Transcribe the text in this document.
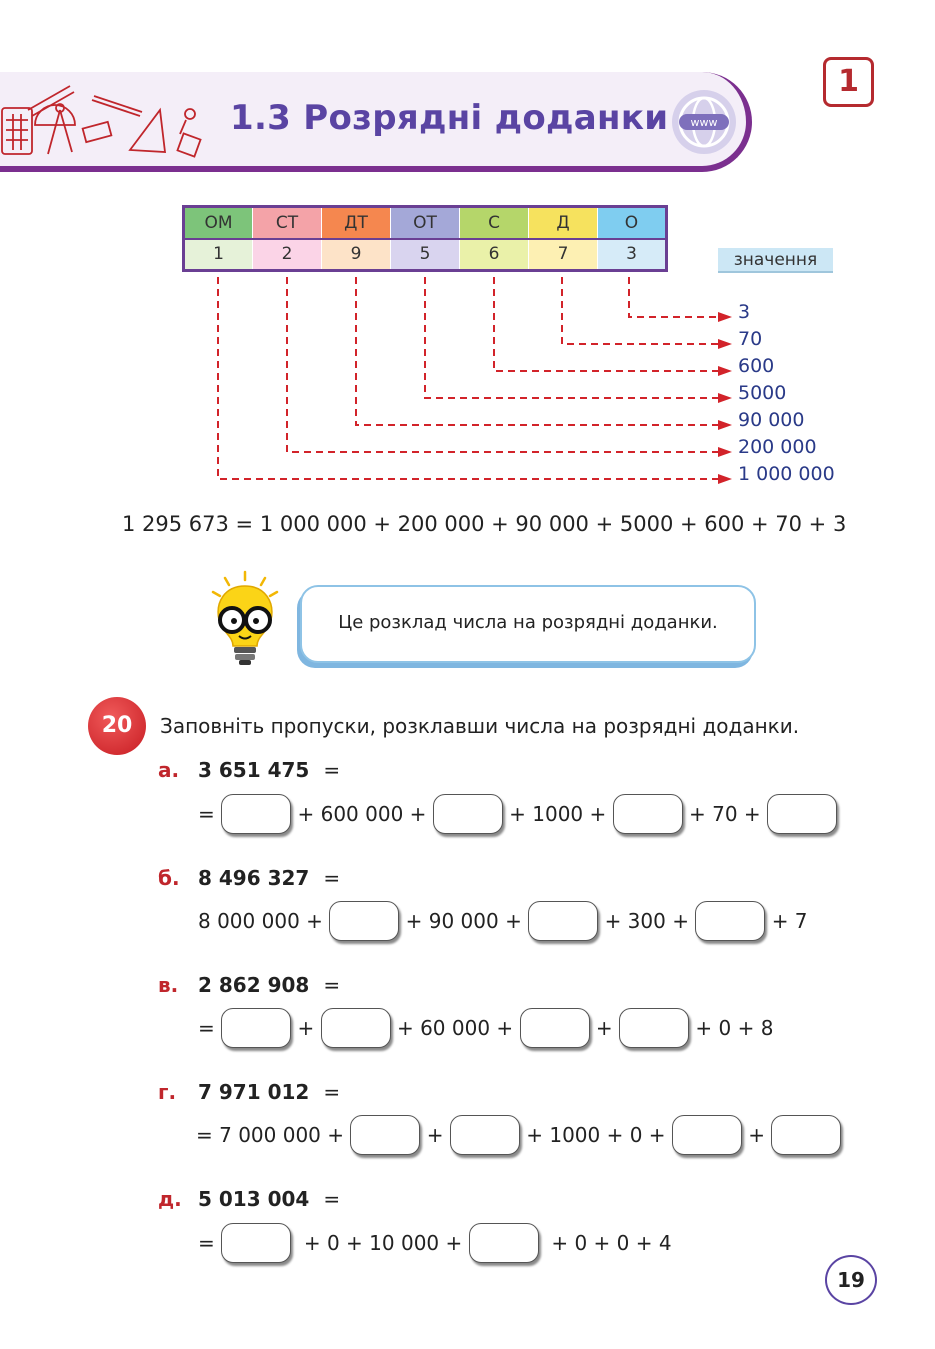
1.3 Розрядні доданки www
1
ОМ	СТ	ДТ	ОТ	С	Д	О
1	2	9	5	6	7	3	значення
3
70
600
5000
90 000
200 000
1 000 000
1 295 673 = 1 000 000 + 200 000 + 90 000 + 5000 + 600 + 70 + 3
Це розклад числа на розрядні доданки.
20	Заповніть пропуски, розклавши числа на розрядні доданки.
а. 3 651 475 =
=

	+ 600 000 +

	+ 1000 +

	+ 70 +

б. 8 496 327 =
8 000 000 +

	+ 90 000 +

	+ 300 +

	+ 7
в. 2 862 908 =
=

	+

	+ 60 000 +

	+

	+ 0 + 8
г. 7 971 012 =
= 7 000 000 +

	+

	+ 1000 + 0 +

	+

д. 5 013 004 =
=

	+ 0 + 10 000 +

	+ 0 + 0 + 4
19
